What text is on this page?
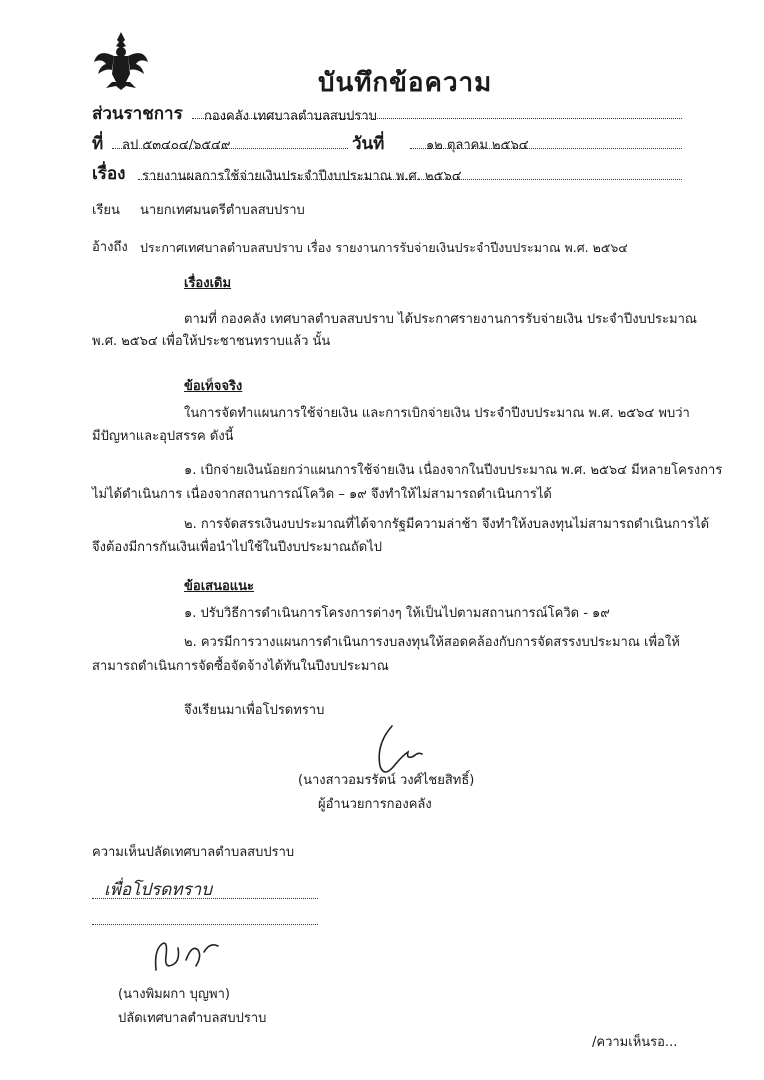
บันทึกข้อความ
ส่วนราชการ กองคลัง เทศบาลตำบลสบปราบ
ที่ ลป ๕๓๔๐๔/๖๕๔๙	วันที่	๑๒ ตุลาคม ๒๕๖๔
เรื่อง รายงานผลการใช้จ่ายเงินประจำปีงบประมาณ พ.ศ. ๒๕๖๔
เรียน นายกเทศมนตรีตำบลสบปราบ
อ้างถึง ประกาศเทศบาลตำบลสบปราบ เรื่อง รายงานการรับจ่ายเงินประจำปีงบประมาณ พ.ศ. ๒๕๖๔
เรื่องเดิม
ตามที่ กองคลัง เทศบาลตำบลสบปราบ ได้ประกาศรายงานการรับจ่ายเงิน ประจำปีงบประมาณ
พ.ศ. ๒๕๖๔ เพื่อให้ประชาชนทราบแล้ว นั้น
ข้อเท็จจริง
ในการจัดทำแผนการใช้จ่ายเงิน และการเบิกจ่ายเงิน ประจำปีงบประมาณ พ.ศ. ๒๕๖๔ พบว่า
มีปัญหาและอุปสรรค ดังนี้
๑. เบิกจ่ายเงินน้อยกว่าแผนการใช้จ่ายเงิน เนื่องจากในปีงบประมาณ พ.ศ. ๒๕๖๔ มีหลายโครงการ
ไม่ได้ดำเนินการ เนื่องจากสถานการณ์โควิด – ๑๙ จึงทำให้ไม่สามารถดำเนินการได้
๒. การจัดสรรเงินงบประมาณที่ได้จากรัฐมีความล่าช้า จึงทำให้งบลงทุนไม่สามารถดำเนินการได้
จึงต้องมีการกันเงินเพื่อนำไปใช้ในปีงบประมาณถัดไป
ข้อเสนอแนะ
๑. ปรับวิธีการดำเนินการโครงการต่างๆ ให้เป็นไปตามสถานการณ์โควิด - ๑๙
๒. ควรมีการวางแผนการดำเนินการงบลงทุนให้สอดคล้องกับการจัดสรรงบประมาณ เพื่อให้
สามารถดำเนินการจัดซื้อจัดจ้างได้ทันในปีงบประมาณ
จึงเรียนมาเพื่อโปรดทราบ
(นางสาวอมรรัตน์ วงศ์ไชยสิทธิ์)
ผู้อำนวยการกองคลัง
ความเห็นปลัดเทศบาลตำบลสบปราบ
เพื่อโปรดทราบ
(นางพิมผกา บุญพา)
ปลัดเทศบาลตำบลสบปราบ
/ความเห็นรอ...
